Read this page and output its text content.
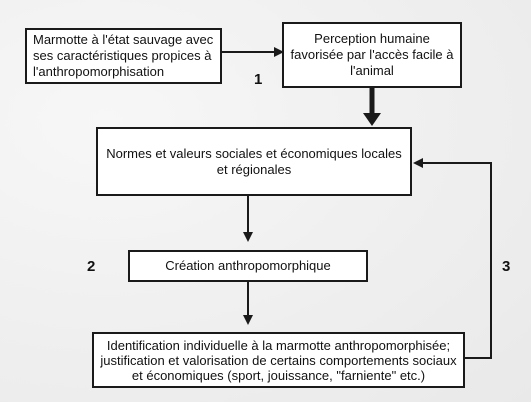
Marmotte à l'état sauvage avec ses caractéristiques propices à l'anthropomorphisation
Perception humaine favorisée par l'accès facile à l'animal
Normes et valeurs sociales et économiques locales et régionales
Création anthropomorphique
Identification individuelle à la marmotte anthropomorphisée; justification et valorisation de certains comportements sociaux et économiques (sport, jouissance, "farniente" etc.)
1
2	3
